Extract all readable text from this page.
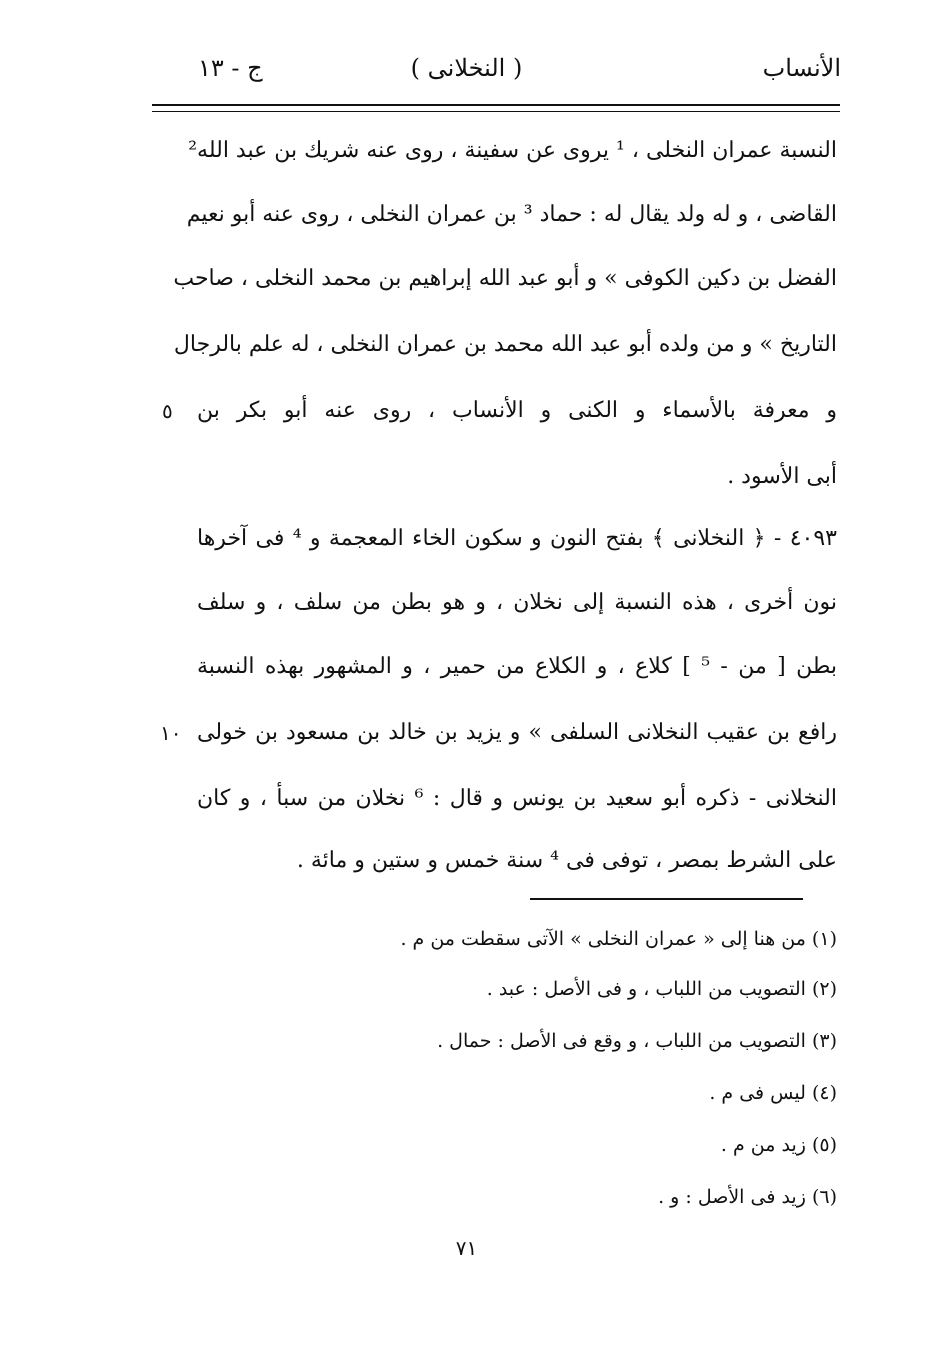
الأنساب
( النخلانى )
ج - ١٣
النسبة عمران النخلى ، ¹ يروى عن سفينة ، روى عنه شريك بن عبد الله²
القاضى ، و له ولد يقال له : حماد ³ بن عمران النخلى ، روى عنه أبو نعيم
الفضل بن دكين الكوفى » و أبو عبد الله إبراهيم بن محمد النخلى ، صاحب
التاريخ » و من ولده أبو عبد الله محمد بن عمران النخلى ، له علم بالرجال
و معرفة بالأسماء و الكنى و الأنساب ، روى عنه أبو بكر بن
أبى الأسود .
٤٠٩٣ - ﴿ النخلانى ﴾ بفتح النون و سكون الخاء المعجمة و ⁴ فى آخرها
نون أخرى ، هذه النسبة إلى نخلان ، و هو بطن من سلف ، و سلف
بطن [ من - ⁵ ] كلاع ، و الكلاع من حمير ، و المشهور بهذه النسبة
رافع بن عقيب النخلانى السلفى » و يزيد بن خالد بن مسعود بن خولى
النخلانى - ذكره أبو سعيد بن يونس و قال : ⁶ نخلان من سبأ ، و كان
على الشرط بمصر ، توفى فى ⁴ سنة خمس و ستين و مائة .
٥
١٠
(١) من هنا إلى « عمران النخلى » الآتى سقطت من م .
(٢) التصويب من اللباب ، و فى الأصل : عبد .
(٣) التصويب من اللباب ، و وقع فى الأصل : حمال .
(٤) ليس فى م .
(٥) زيد من م .
(٦) زيد فى الأصل : و .
٧١
